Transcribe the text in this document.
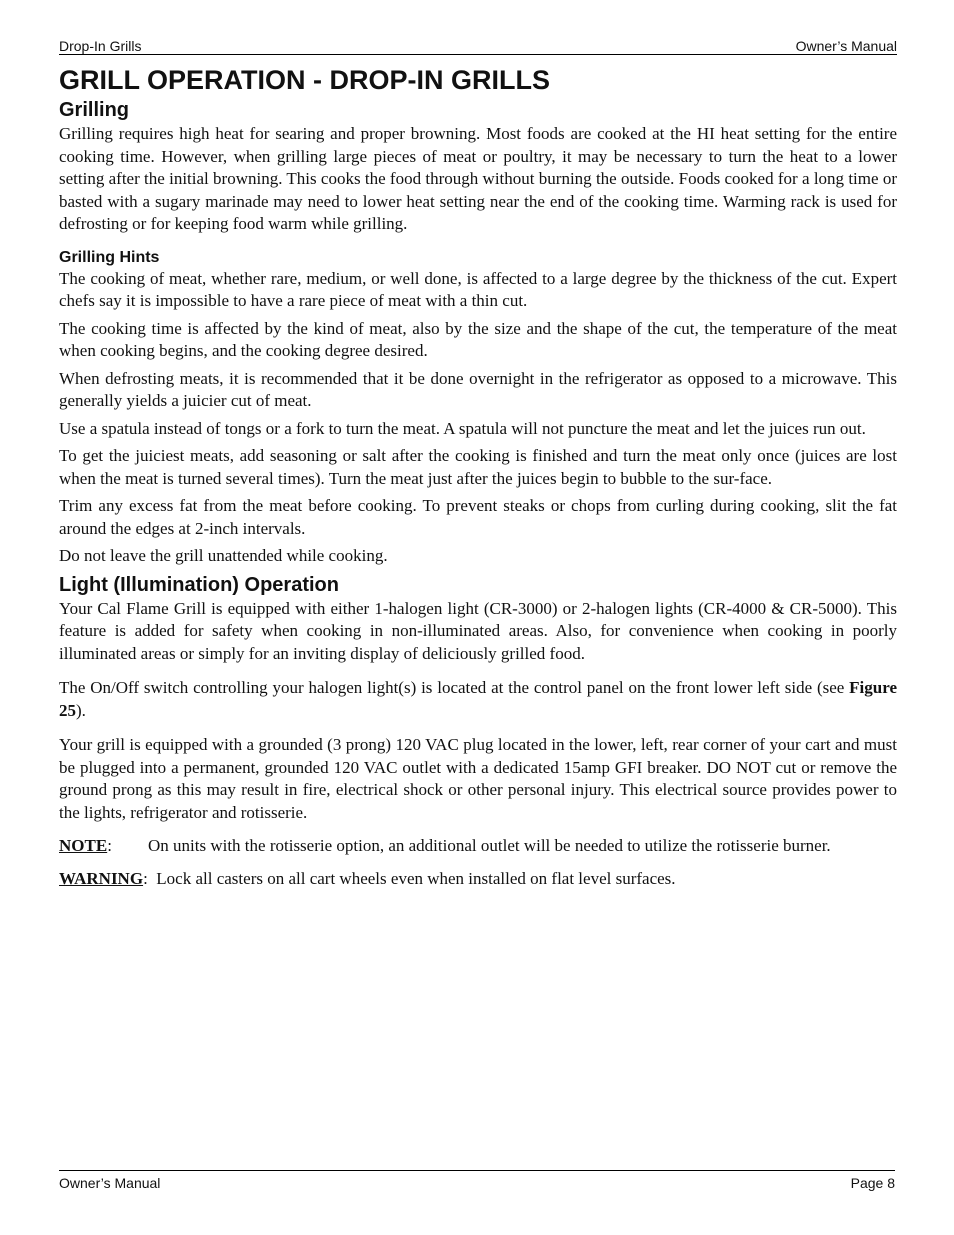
Drop-In Grills	Owner’s Manual
GRILL OPERATION - DROP-IN GRILLS
Grilling

Grilling requires high heat for searing and proper browning. Most foods are cooked at the HI heat setting for the entire cooking time. However, when grilling large pieces of meat or poultry, it may be necessary to turn the heat to a lower setting after the initial browning. This cooks the food through without burning the outside. Foods cooked for a long time or basted with a sugary marinade may need to lower heat setting near the end of the cooking time. Warming rack is used for defrosting or for keeping food warm while grilling.

Grilling Hints

The cooking of meat, whether rare, medium, or well done, is affected to a large degree by the thickness of the cut. Expert chefs say it is impossible to have a rare piece of meat with a thin cut.

The cooking time is affected by the kind of meat, also by the size and the shape of the cut, the temperature of the meat when cooking begins, and the cooking degree desired.

When defrosting meats, it is recommended that it be done overnight in the refrigerator as opposed to a microwave. This generally yields a juicier cut of meat.

Use a spatula instead of tongs or a fork to turn the meat. A spatula will not puncture the meat and let the juices run out.

To get the juiciest meats, add seasoning or salt after the cooking is finished and turn the meat only once (juices are lost when the meat is turned several times). Turn the meat just after the juices begin to bubble to the sur-face.

Trim any excess fat from the meat before cooking. To prevent steaks or chops from curling during cooking, slit the fat around the edges at 2-inch intervals.

Do not leave the grill unattended while cooking.

Light (Illumination) Operation

Your Cal Flame Grill is equipped with either 1-halogen light (CR-3000) or 2-halogen lights (CR-4000 & CR-5000). This feature is added for safety when cooking in non-illuminated areas. Also, for convenience when cooking in poorly illuminated areas or simply for an inviting display of deliciously grilled food.

The On/Off switch controlling your halogen light(s) is located at the control panel on the front lower left side (see Figure 25).

Your grill is equipped with a grounded (3 prong) 120 VAC plug located in the lower, left, rear corner of your cart and must be plugged into a permanent, grounded 120 VAC outlet with a dedicated 15amp GFI breaker. DO NOT cut or remove the ground prong as this may result in fire, electrical shock or other personal injury. This electrical source provides power to the lights, refrigerator and rotisserie.

NOTE:	On units with the rotisserie option, an additional outlet will be needed to utilize the rotisserie burner.
WARNING: Lock all casters on all cart wheels even when installed on flat level surfaces.
Owner’s Manual	Page 8
